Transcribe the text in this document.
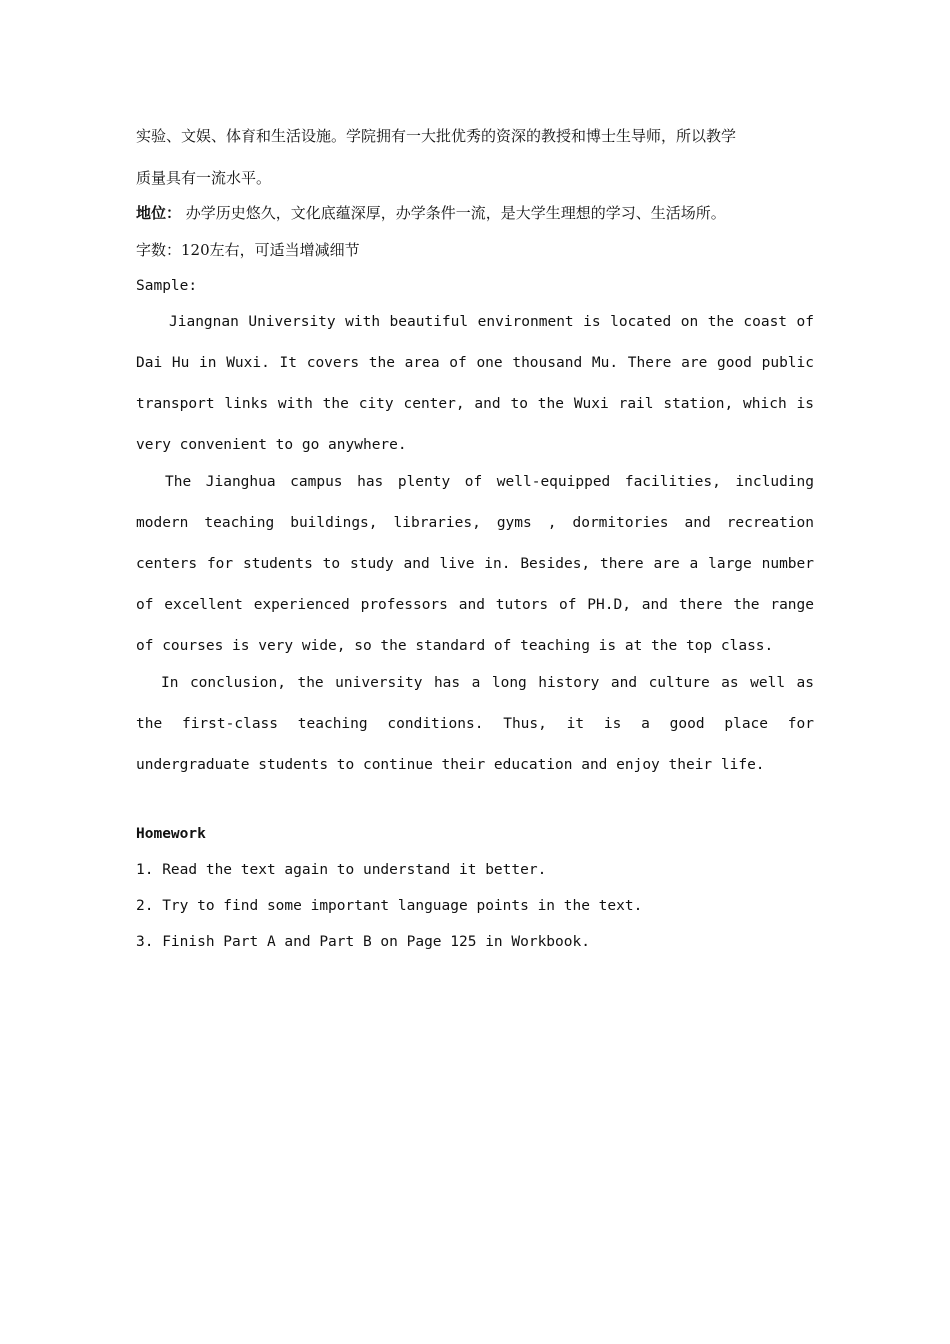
实验、文娱、体育和生活设施。学院拥有一大批优秀的资深的教授和博士生导师，所以教学

质量具有一流水平。

地位： 办学历史悠久，文化底蕴深厚，办学条件一流，是大学生理想的学习、生活场所。

字数：120左右，可适当增减细节

Sample:

Jiangnan University with beautiful environment is located on the coast of Dai Hu in Wuxi. It covers the area of one thousand Mu. There are good public transport links with the city center, and to the Wuxi rail station, which is very convenient to go anywhere.

The Jianghua campus has plenty of well-equipped facilities, including modern teaching buildings, libraries, gyms , dormitories and recreation centers for students to study and live in. Besides, there are a large number of excellent experienced professors and tutors of PH.D, and there the range of courses is very wide, so the standard of teaching is at the top class.

In conclusion, the university has a long history and culture as well as the first-class teaching conditions. Thus, it is a good place for undergraduate students to continue their education and enjoy their life.

Homework

1. Read the text again to understand it better.

2. Try to find some important language points in the text.

3. Finish Part A and Part B on Page 125 in Workbook.
